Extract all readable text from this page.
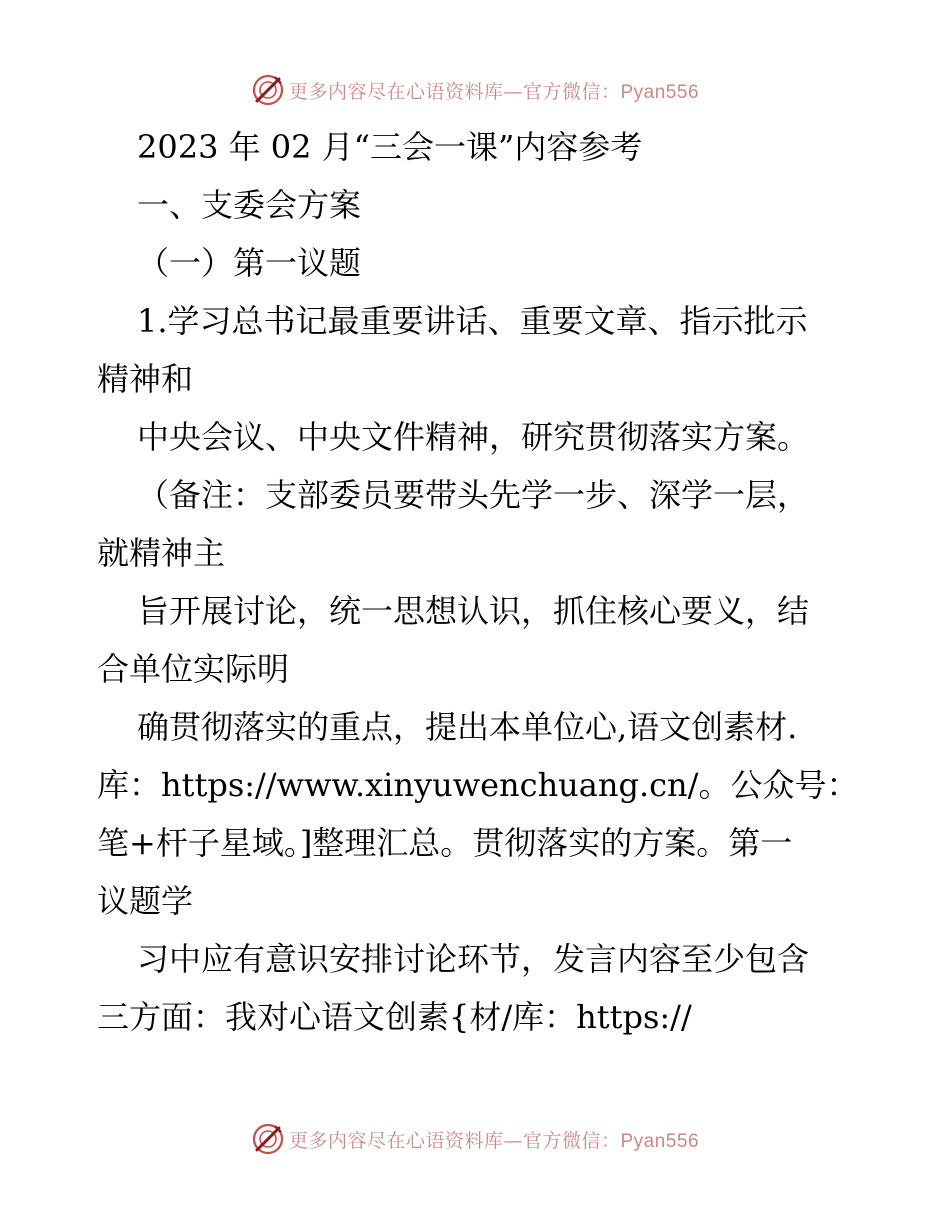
更多内容尽在心语资料库—官方微信：Pyan556
2023 年 02 月“三会一课”内容参考
一、支委会方案
（一）第一议题
1.学习总书记最重要讲话、重要文章、指示批示
精神和
中央会议、中央文件精神，研究贯彻落实方案。
（备注：支部委员要带头先学一步、深学一层，
就精神主
旨开展讨论，统一思想认识，抓住核心要义，结
合单位实际明
确贯彻落实的重点，提出本单位心,语文创素材.
库：https://www.xinyuwenchuang.cn/。公众号：
笔+杆子星域。]整理汇总。贯彻落实的方案。第一
议题学
习中应有意识安排讨论环节，发言内容至少包含
三方面：我对心语文创素{材/库：https://
更多内容尽在心语资料库—官方微信：Pyan556
